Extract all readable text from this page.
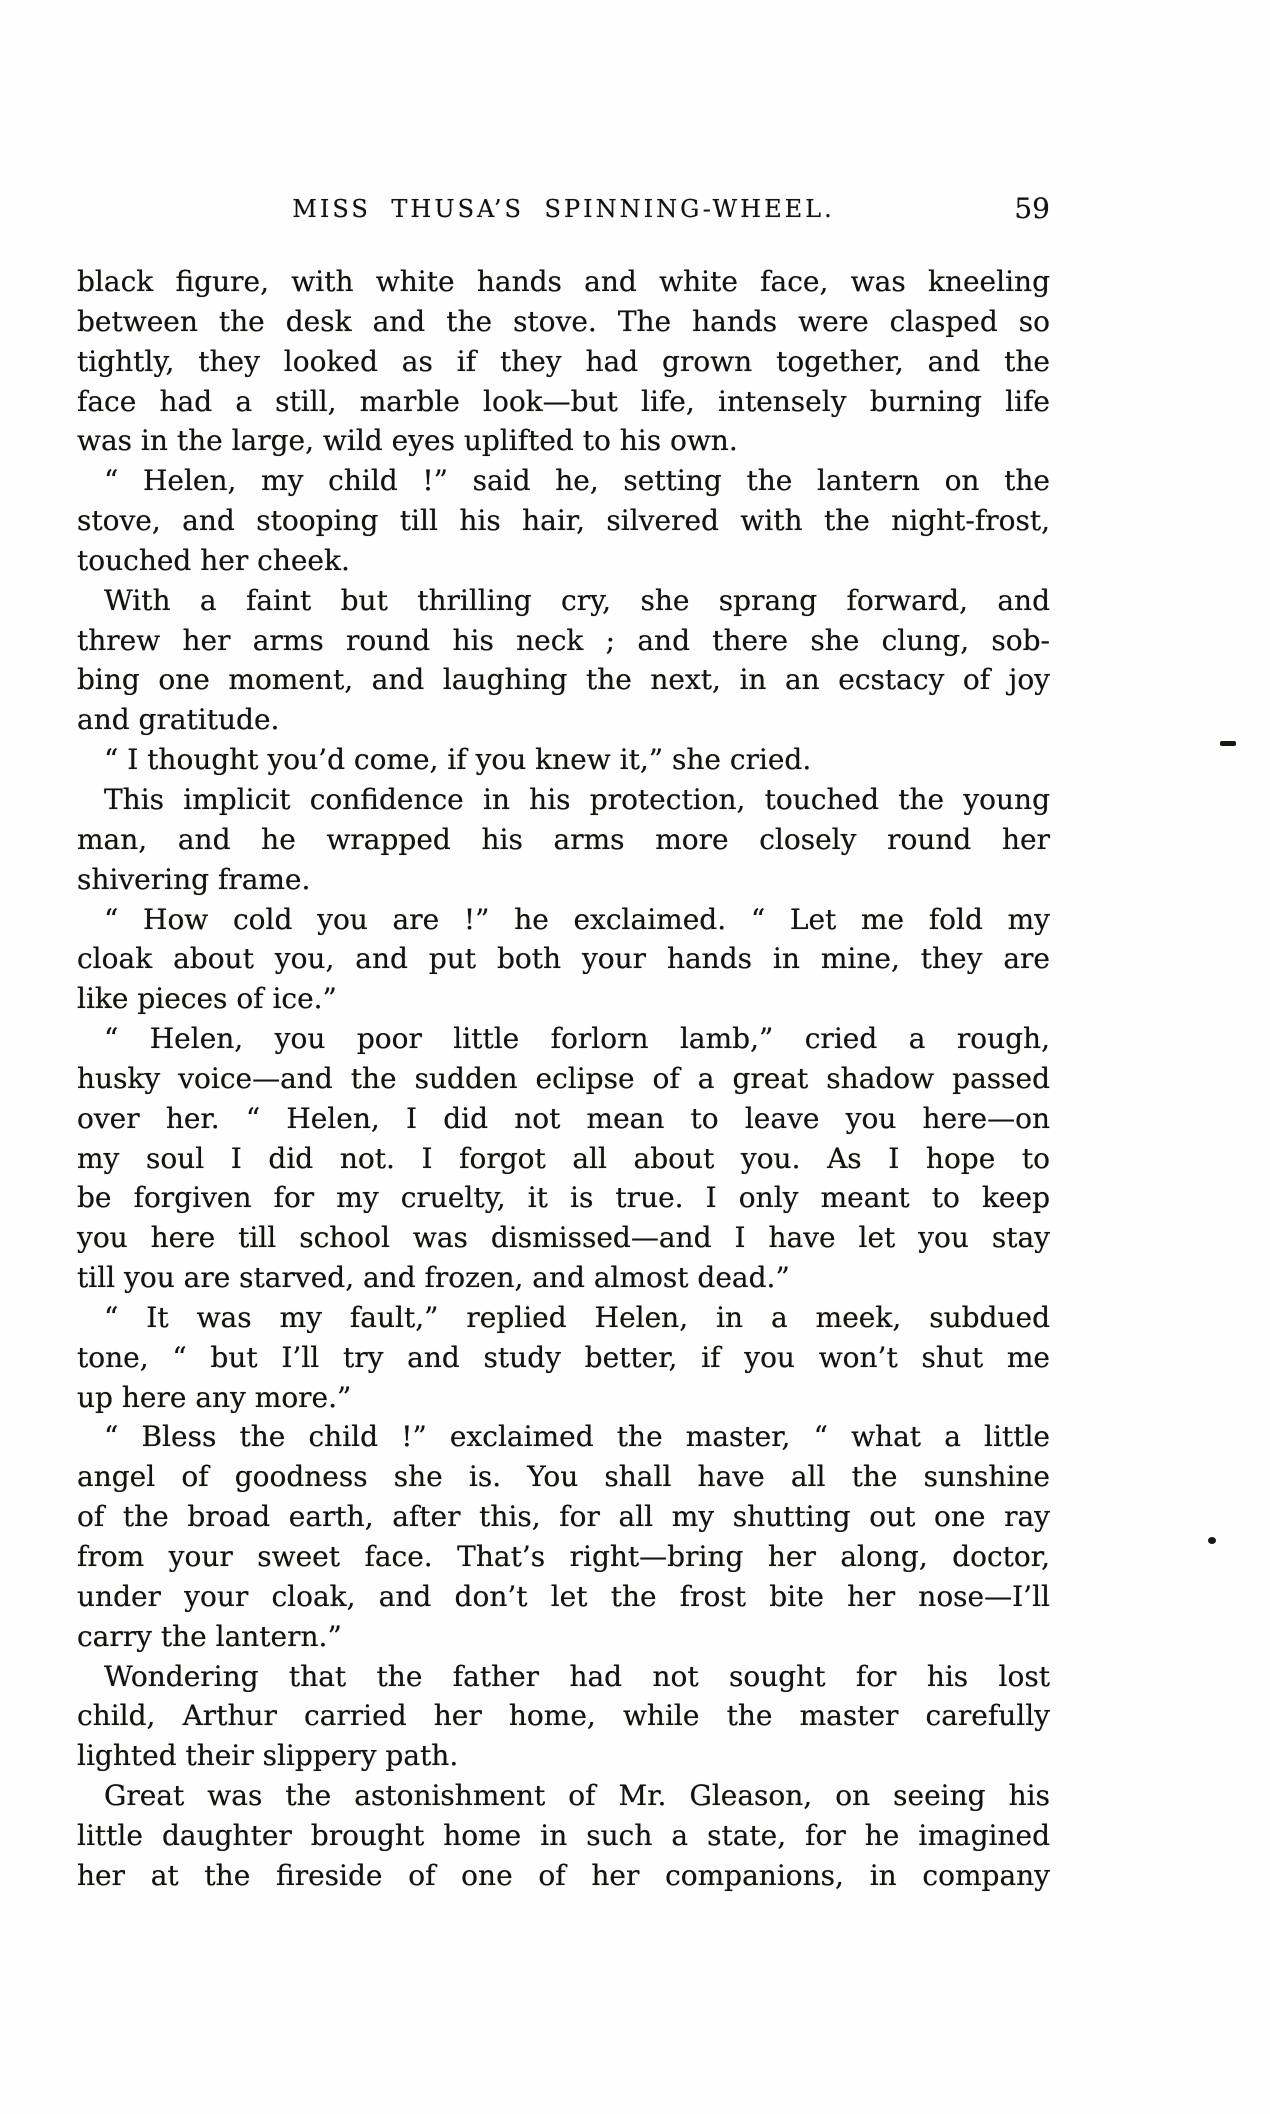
MISS THUSA’S SPINNING-WHEEL.	59
black figure, with white hands and white face, was kneeling
between the desk and the stove. The hands were clasped so
tightly, they looked as if they had grown together, and the
face had a still, marble look—but life, intensely burning life
was in the large, wild eyes uplifted to his own.
“ Helen, my child !” said he, setting the lantern on the
stove, and stooping till his hair, silvered with the night-frost,
touched her cheek.
With a faint but thrilling cry, she sprang forward, and
threw her arms round his neck ; and there she clung, sob-
bing one moment, and laughing the next, in an ecstacy of joy
and gratitude.
“ I thought you’d come, if you knew it,” she cried.
This implicit confidence in his protection, touched the young
man, and he wrapped his arms more closely round her
shivering frame.
“ How cold you are !” he exclaimed. “ Let me fold my
cloak about you, and put both your hands in mine, they are
like pieces of ice.”
“ Helen, you poor little forlorn lamb,” cried a rough,
husky voice—and the sudden eclipse of a great shadow passed
over her. “ Helen, I did not mean to leave you here—on
my soul I did not. I forgot all about you. As I hope to
be forgiven for my cruelty, it is true. I only meant to keep
you here till school was dismissed—and I have let you stay
till you are starved, and frozen, and almost dead.”
“ It was my fault,” replied Helen, in a meek, subdued
tone, “ but I’ll try and study better, if you won’t shut me
up here any more.”
“ Bless the child !” exclaimed the master, “ what a little
angel of goodness she is. You shall have all the sunshine
of the broad earth, after this, for all my shutting out one ray
from your sweet face. That’s right—bring her along, doctor,
under your cloak, and don’t let the frost bite her nose—I’ll
carry the lantern.”
Wondering that the father had not sought for his lost
child, Arthur carried her home, while the master carefully
lighted their slippery path.
Great was the astonishment of Mr. Gleason, on seeing his
little daughter brought home in such a state, for he imagined
her at the fireside of one of her companions, in company
